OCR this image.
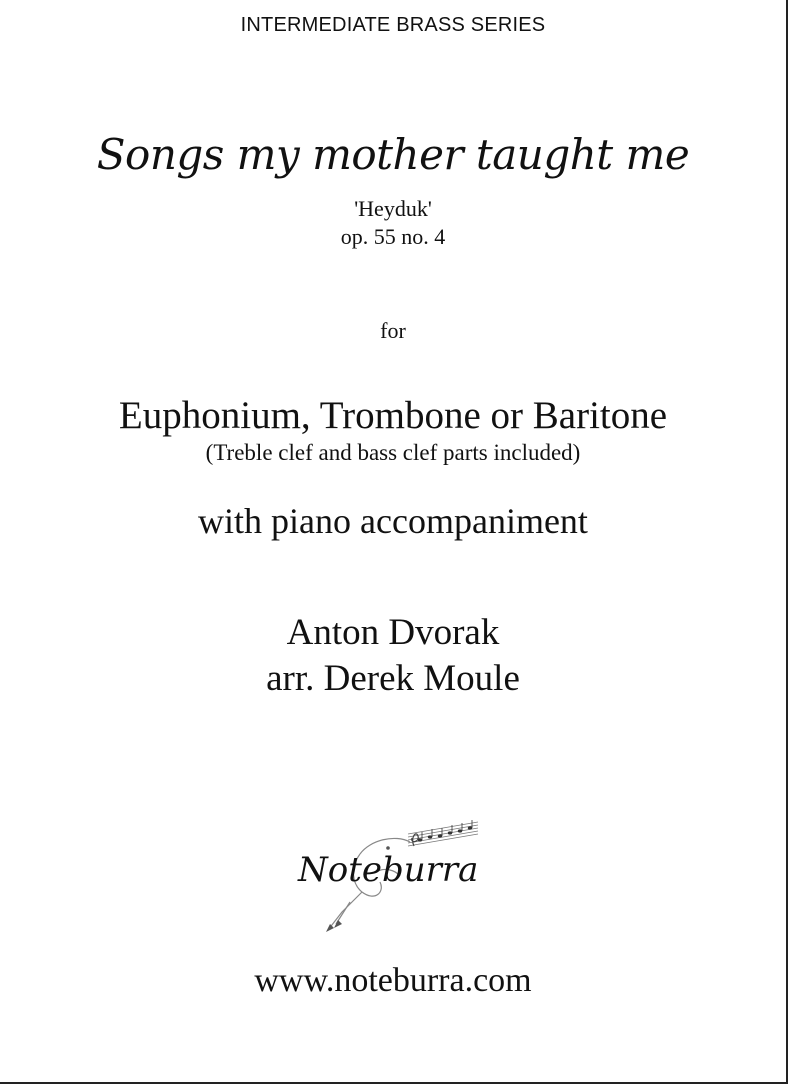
INTERMEDIATE BRASS SERIES
Songs my mother taught me
'Heyduk'
op. 55 no. 4
for
Euphonium, Trombone or Baritone
(Treble clef and bass clef parts included)
with piano accompaniment
Anton Dvorak
arr. Derek Moule
Noteburra
www.noteburra.com
